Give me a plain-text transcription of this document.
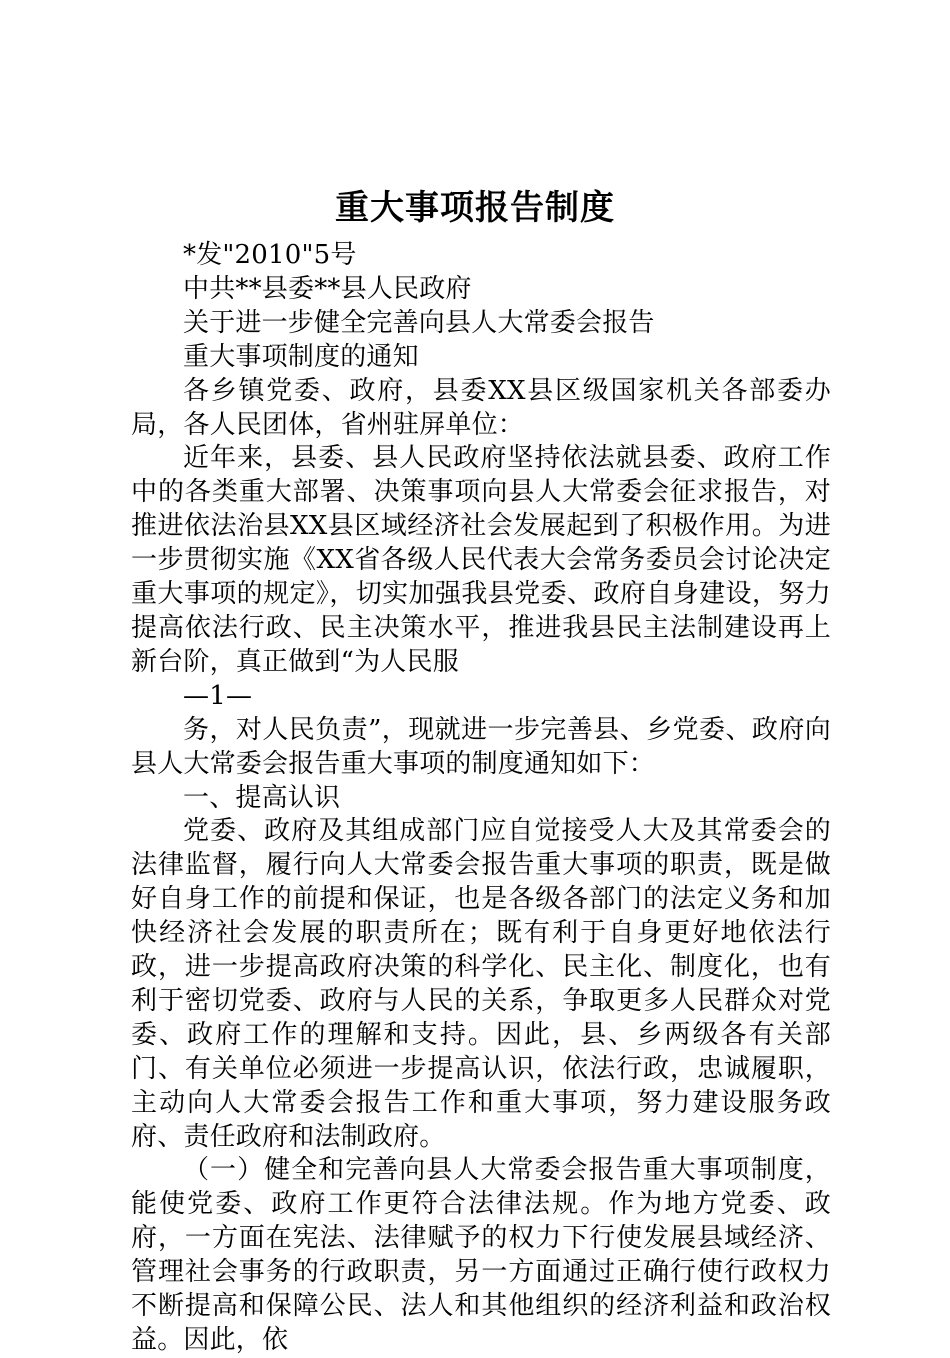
重大事项报告制度

*发"2010"5号

中共**县委**县人民政府

关于进一步健全完善向县人大常委会报告

重大事项制度的通知

各乡镇党委、政府，县委XX县区级国家机关各部委办局，各人民团体，省州驻屏单位：

近年来，县委、县人民政府坚持依法就县委、政府工作中的各类重大部署、决策事项向县人大常委会征求报告，对推进依法治县XX县区域经济社会发展起到了积极作用。为进一步贯彻实施《XX省各级人民代表大会常务委员会讨论决定重大事项的规定》，切实加强我县党委、政府自身建设，努力提高依法行政、民主决策水平，推进我县民主法制建设再上新台阶，真正做到“为人民服

—1—

务，对人民负责”，现就进一步完善县、乡党委、政府向县人大常委会报告重大事项的制度通知如下：

一、提高认识

党委、政府及其组成部门应自觉接受人大及其常委会的法律监督，履行向人大常委会报告重大事项的职责，既是做好自身工作的前提和保证，也是各级各部门的法定义务和加快经济社会发展的职责所在；既有利于自身更好地依法行政，进一步提高政府决策的科学化、民主化、制度化，也有利于密切党委、政府与人民的关系，争取更多人民群众对党委、政府工作的理解和支持。因此，县、乡两级各有关部门、有关单位必须进一步提高认识，依法行政，忠诚履职，主动向人大常委会报告工作和重大事项，努力建设服务政府、责任政府和法制政府。

（一）健全和完善向县人大常委会报告重大事项制度，能使党委、政府工作更符合法律法规。作为地方党委、政府，一方面在宪法、法律赋予的权力下行使发展县域经济、管理社会事务的行政职责，另一方面通过正确行使行政权力不断提高和保障公民、法人和其他组织的经济利益和政治权益。因此，依
